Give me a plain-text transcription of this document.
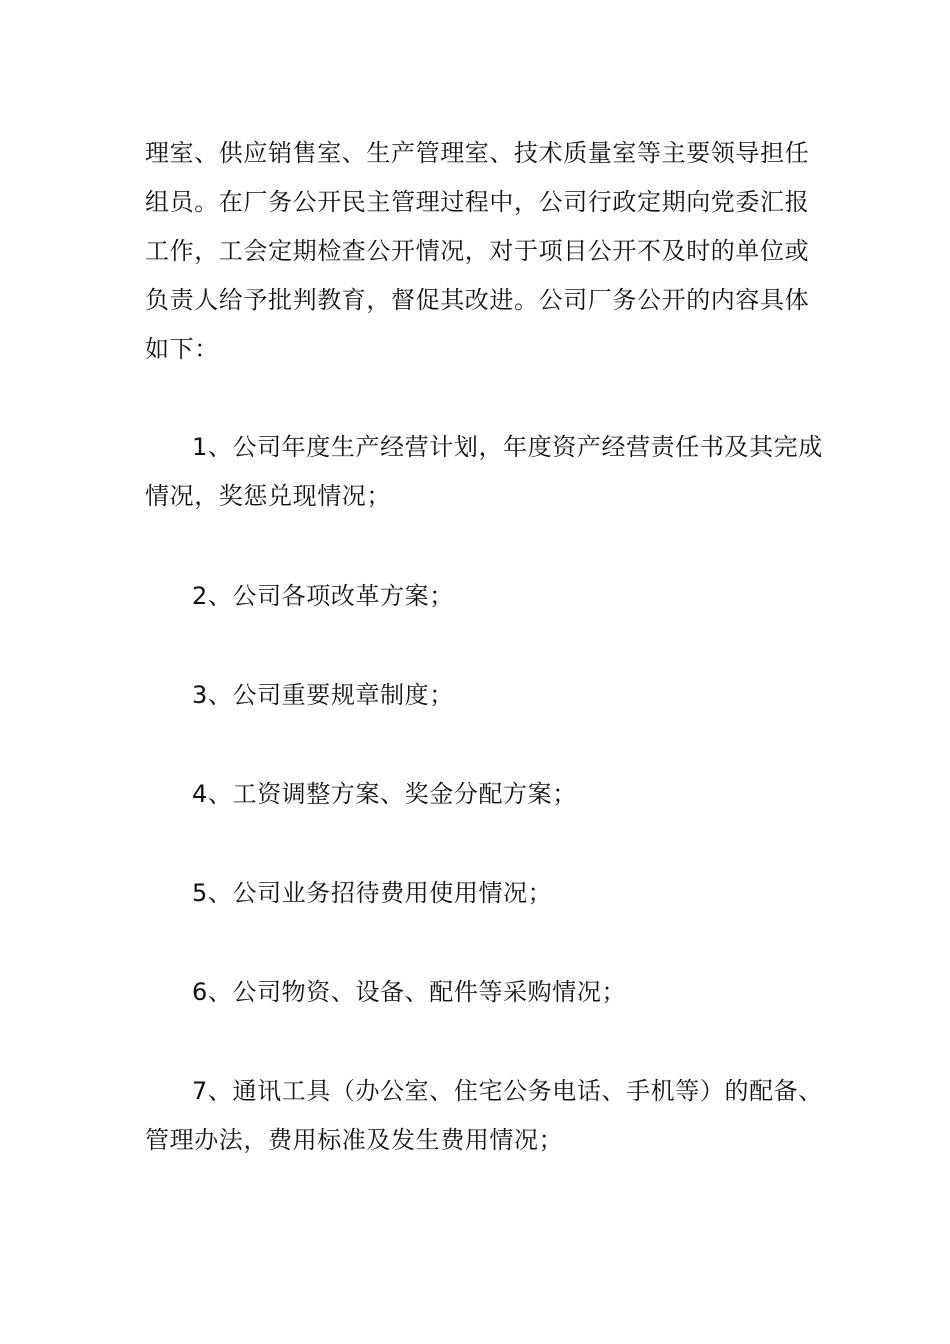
理室、供应销售室、生产管理室、技术质量室等主要领导担任
组员。在厂务公开民主管理过程中，公司行政定期向党委汇报
工作，工会定期检查公开情况，对于项目公开不及时的单位或
负责人给予批判教育，督促其改进。公司厂务公开的内容具体
如下：
1、公司年度生产经营计划，年度资产经营责任书及其完成
情况，奖惩兑现情况；
2、公司各项改革方案；
3、公司重要规章制度；
4、工资调整方案、奖金分配方案；
5、公司业务招待费用使用情况；
6、公司物资、设备、配件等采购情况；
7、通讯工具（办公室、住宅公务电话、手机等）的配备、
管理办法，费用标准及发生费用情况；
